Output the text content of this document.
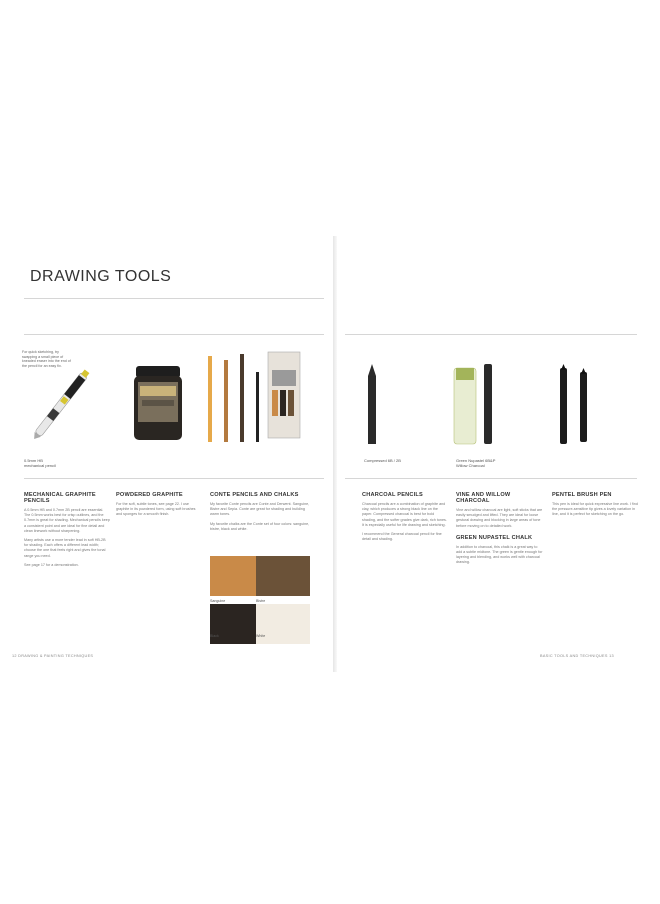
DRAWING TOOLS
For quick sketching, try swapping a small piece of kneaded eraser into the end of the pencil for an easy fix.
0.5mm HB
mechanical pencil
MECHANICAL GRAPHITE PENCILS

A 0.5mm HB and 0.7mm 2B pencil are essential. The 0.5mm works best for crisp outlines, and the 0.7mm is great for shading. Mechanical pencils keep a consistent point and are ideal for fine detail and clean linework without sharpening.

Many artists use a more tender lead in soft HB-2B for shading. Each offers a different lead width; choose the one that feels right and gives the tonal range you need.

See page 17 for a demonstration.

POWDERED GRAPHITE

For the soft, subtle tones, see page 22. I use graphite in its powdered form, using soft brushes and sponges for a smooth finish.

CONTE PENCILS AND CHALKS

My favorite Conte pencils are Conte and Derwent. Sanguine, Bistre and Sepia. Conte are great for shading and building warm tones.

My favorite chalks are the Conte set of four colors: sanguine, bistre, black and white.

Sanguine	Bistre
Black	White
12 DRAWING & PAINTING TECHNIQUES
Compressed 6B / 2B	Green Nupastel 6B&P
Willow Charcoal
CHARCOAL PENCILS

Charcoal pencils are a combination of graphite and clay, which produces a strong black line on the paper. Compressed charcoal is best for bold shading, and the softer grades give dark, rich tones. It is especially useful for life drawing and sketching.

I recommend the General charcoal pencil for fine detail and shading.

VINE AND WILLOW CHARCOAL

Vine and willow charcoal are light, soft sticks that are easily smudged and lifted. They are ideal for loose gestural drawing and blocking in large areas of tone before moving on to detailed work.

GREEN NUPASTEL CHALK

In addition to charcoal, this chalk is a great way to add a subtle midtone. The green is gentle enough for layering and blending, and works well with charcoal drawing.

PENTEL BRUSH PEN

This pen is ideal for quick expressive line work. I find the pressure-sensitive tip gives a lovely variation in line, and it is perfect for sketching on the go.

BASIC TOOLS AND TECHNIQUES 13
